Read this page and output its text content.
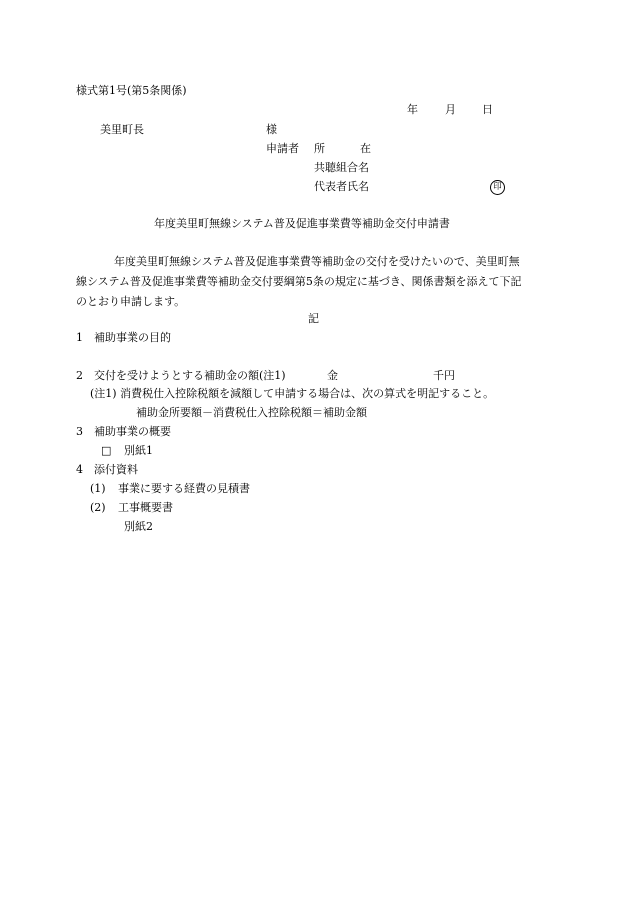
様式第1号(第5条関係)
年 月 日
美里町長	様
申請者 所	在
共聴組合名
代表者氏名	印
年度美里町無線システム普及促進事業費等補助金交付申請書
年度美里町無線システム普及促進事業費等補助金の交付を受けたいので、美里町無
線システム普及促進事業費等補助金交付要綱第5条の規定に基づき、関係書類を添えて下記
のとおり申請します。
記
1 補助事業の目的
2 交付を受けようとする補助金の額(注1)	金	千円
(注1) 消費税仕入控除税額を減額して申請する場合は、次の算式を明記すること。
補助金所要額－消費税仕入控除税額＝補助金額
3 補助事業の概要
□ 別紙1
4 添付資料
(1) 事業に要する経費の見積書
(2) 工事概要書
別紙2
